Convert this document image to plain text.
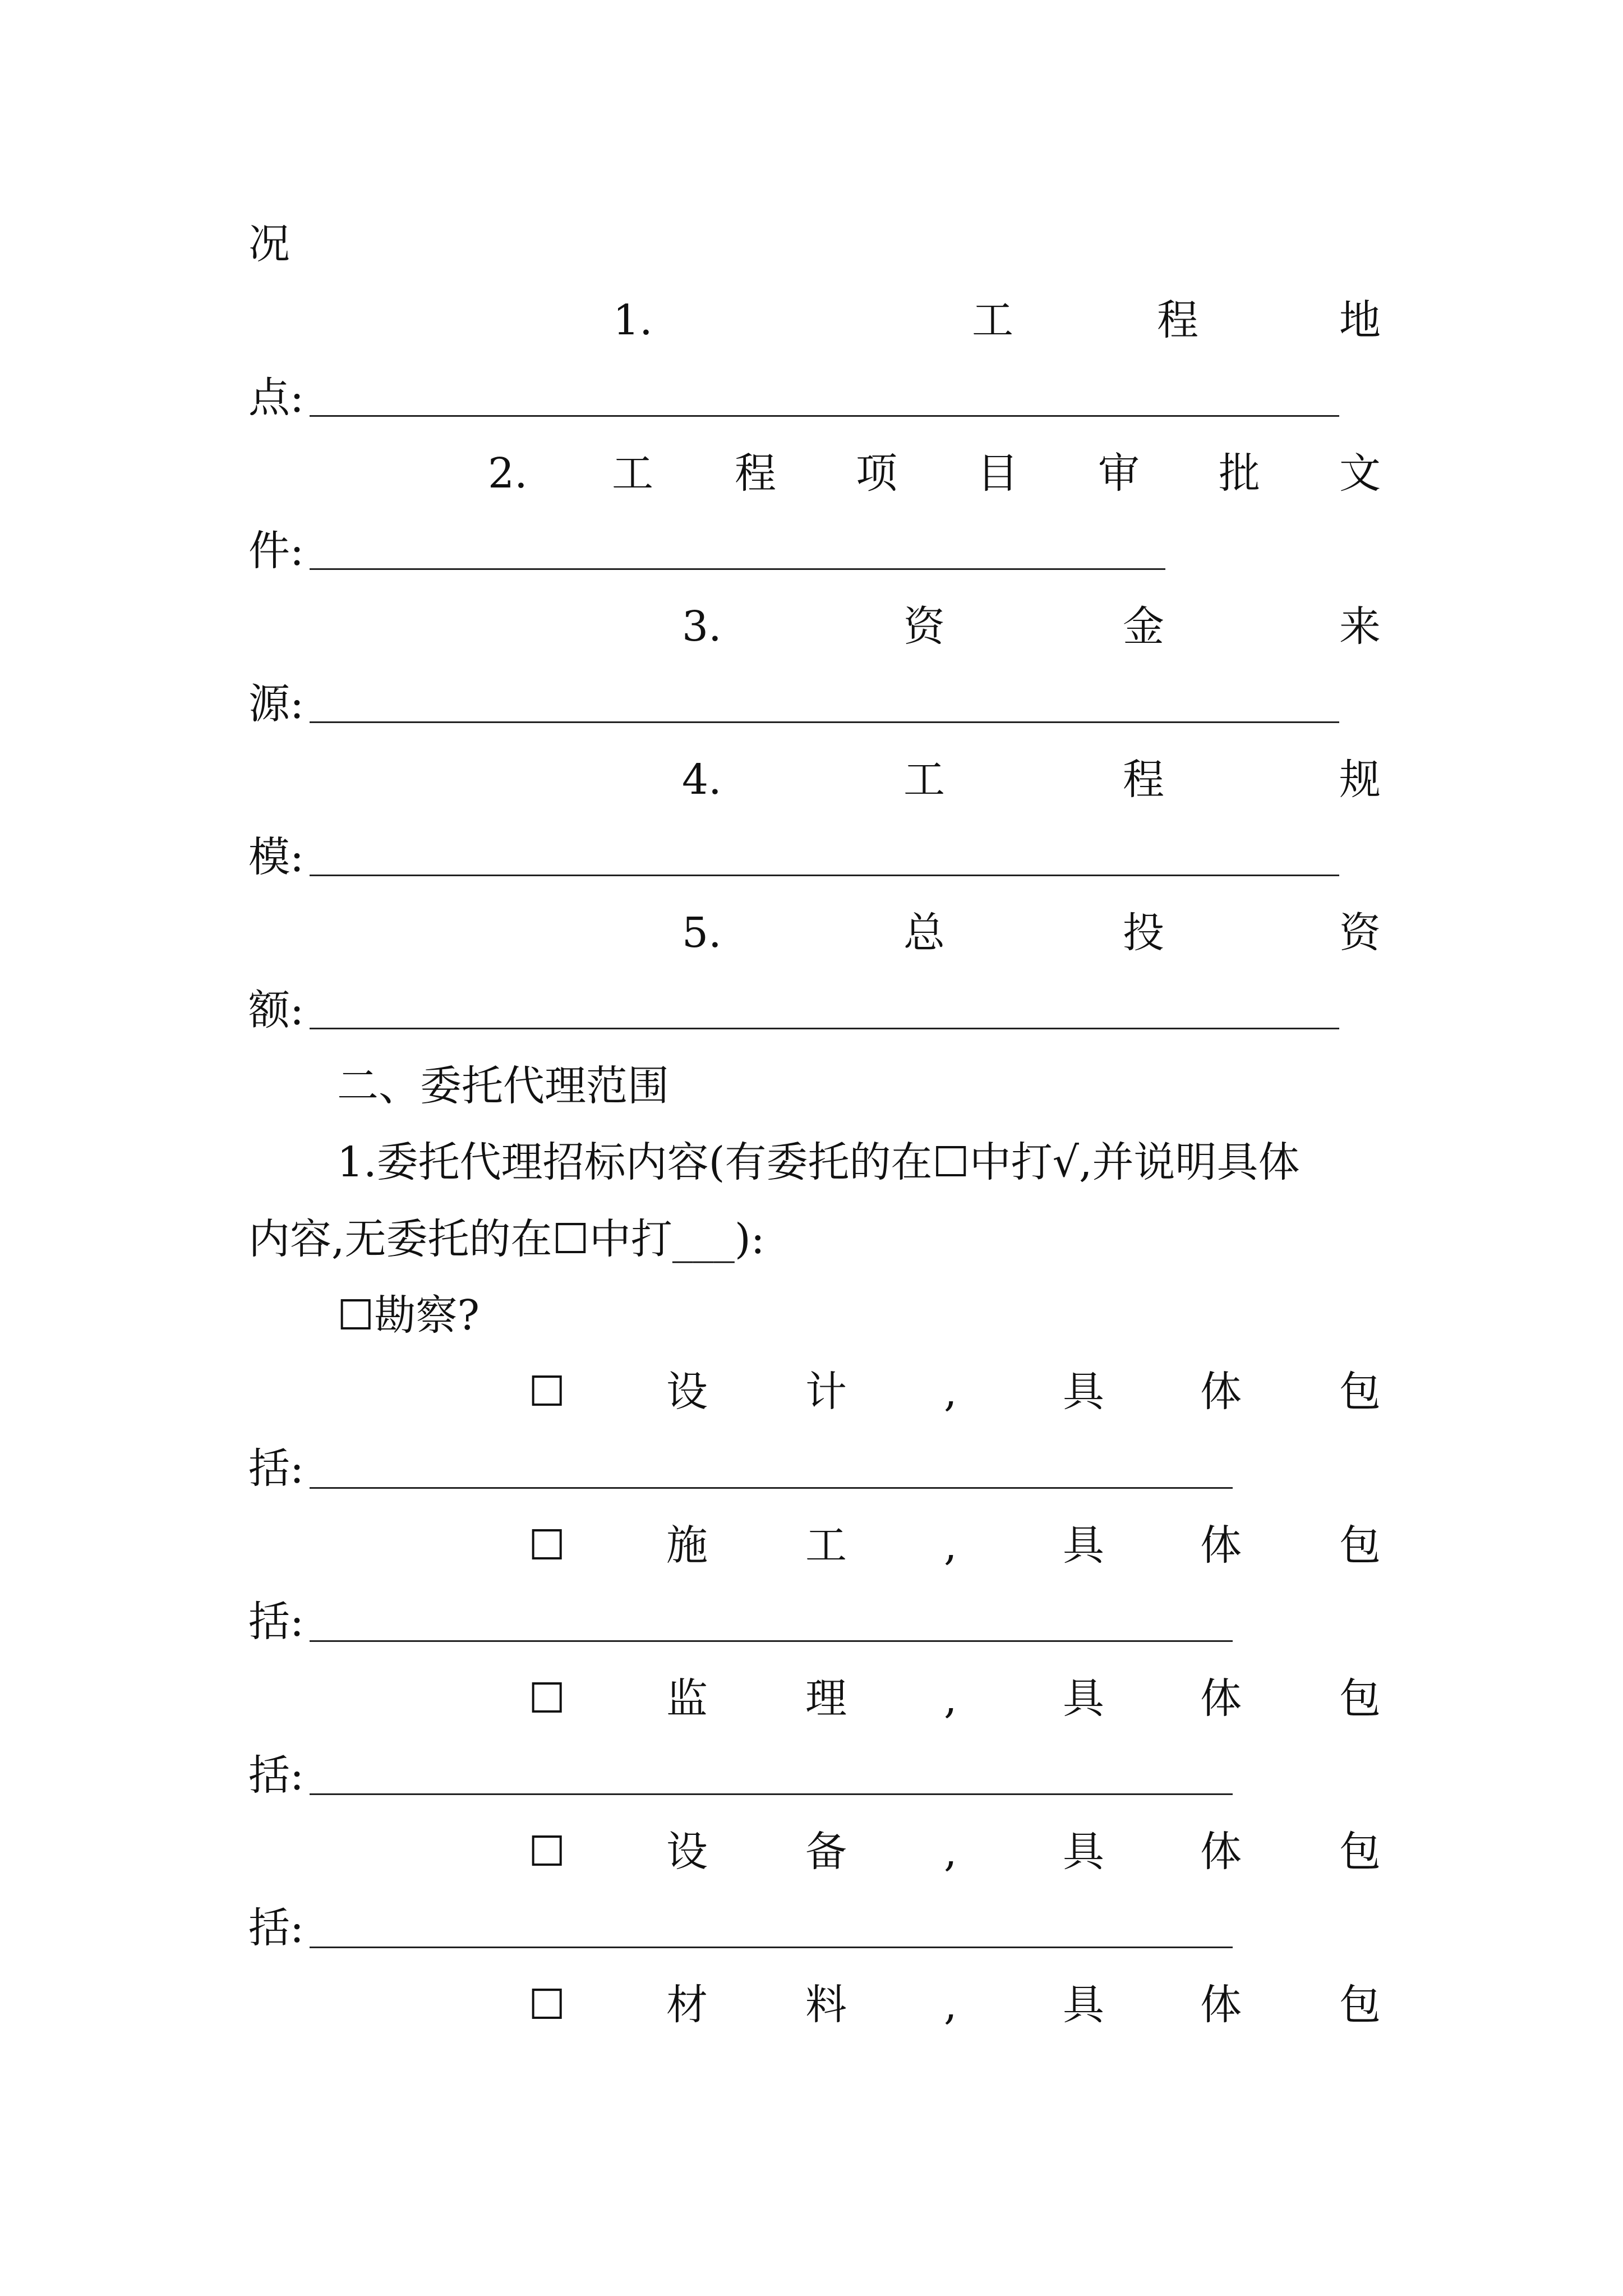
况
1.	工	程	地
点:
2. 工 程 项 目 审 批 文
件:
3.	资	金	来
源:
4.	工	程	规
模:
5.	总	投	资
额:
二、委托代理范围
1.委托代理招标内容(有委托的在☐中打√,并说明具体
内容,无委托的在☐中打___):
☐勘察?
☐ 设 计 ,	具 体 包
括:
☐ 施 工 ,	具 体 包
括:
☐ 监 理 ,	具 体 包
括:
☐ 设 备 ,	具 体 包
括:
☐ 材 料 ,	具 体 包
